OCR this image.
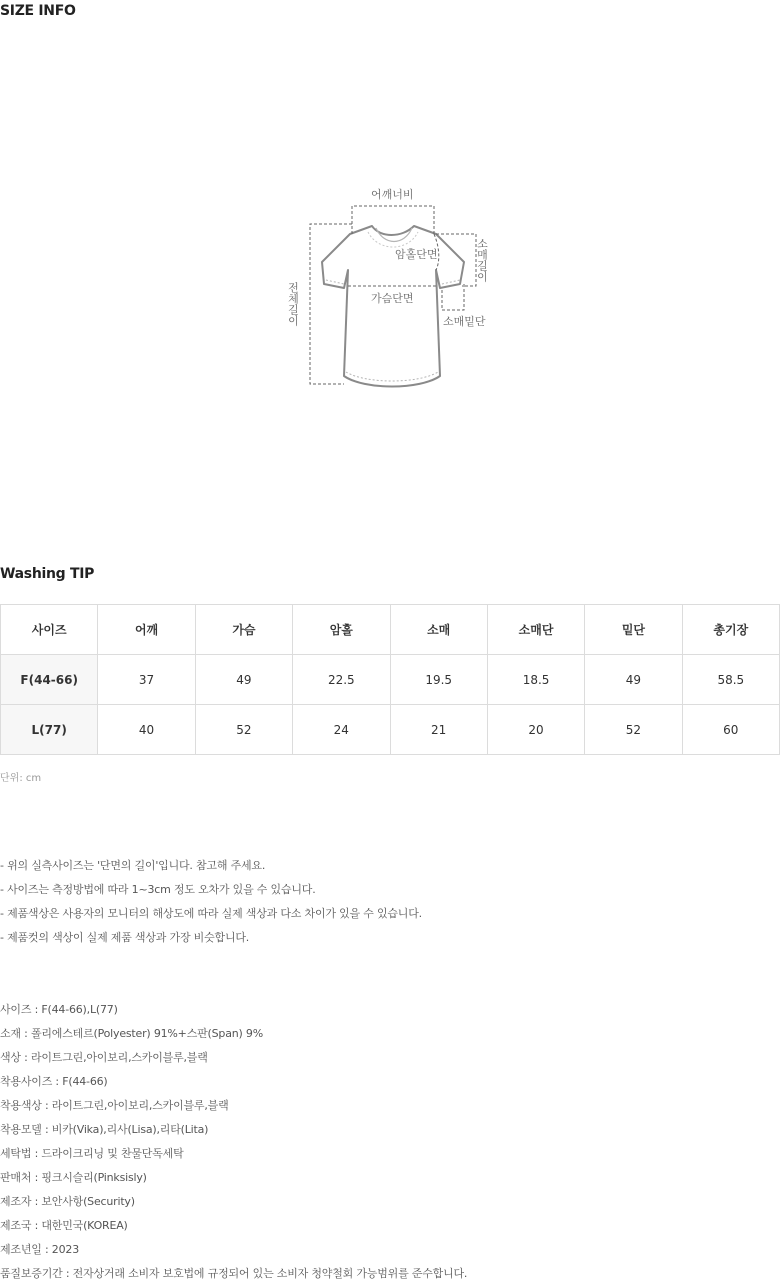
SIZE INFO
어깨너비
암홀단면
가슴단면
소매밑단
소매길이
전체길이
Washing TIP
사이즈	어깨	가슴	암홀	소매	소매단	밑단	총기장
F(44-66)	37	49	22.5	19.5	18.5	49	58.5
L(77)	40	52	24	21	20	52	60
단위: cm
- 위의 실측사이즈는 '단면의 길이'입니다. 참고해 주세요.
- 사이즈는 측정방법에 따라 1~3cm 정도 오차가 있을 수 있습니다.
- 제품색상은 사용자의 모니터의 해상도에 따라 실제 색상과 다소 차이가 있을 수 있습니다.
- 제품컷의 색상이 실제 제품 색상과 가장 비슷합니다.
사이즈 : F(44-66),L(77)
소재 : 폴리에스테르(Polyester) 91%+스판(Span) 9%
색상 : 라이트그린,아이보리,스카이블루,블랙
착용사이즈 : F(44-66)
착용색상 : 라이트그린,아이보리,스카이블루,블랙
착용모델 : 비카(Vika),리사(Lisa),리타(Lita)
세탁법 : 드라이크리닝 및 찬물단독세탁
판매처 : 핑크시슬리(Pinksisly)
제조자 : 보안사항(Security)
제조국 : 대한민국(KOREA)
제조년일 : 2023
품질보증기간 : 전자상거래 소비자 보호법에 규정되어 있는 소비자 청약철회 가능범위를 준수합니다.
